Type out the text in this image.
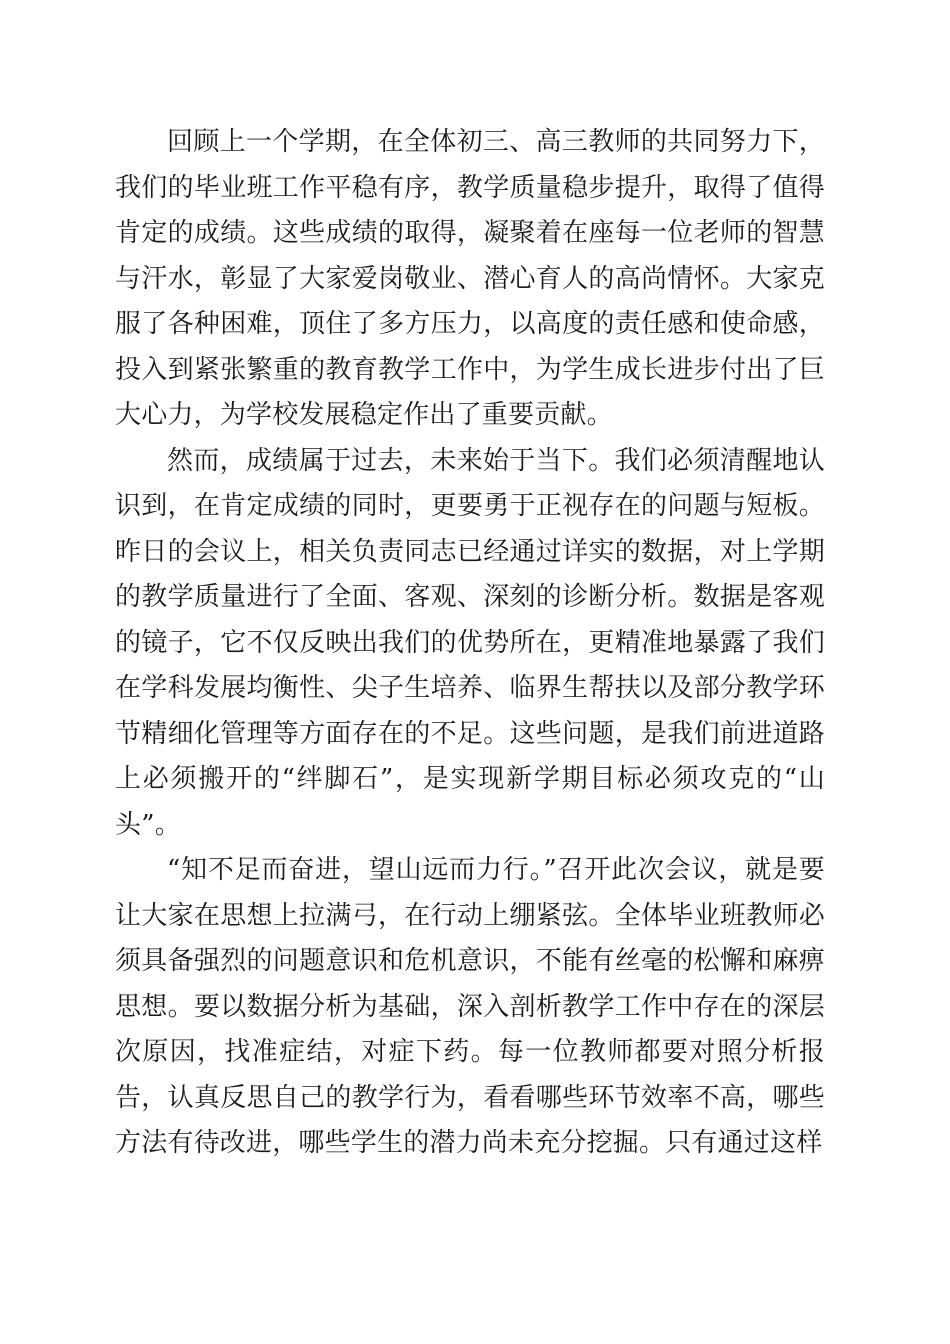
回顾上一个学期，在全体初三、高三教师的共同努力下，我们的毕业班工作平稳有序，教学质量稳步提升，取得了值得肯定的成绩。这些成绩的取得，凝聚着在座每一位老师的智慧与汗水，彰显了大家爱岗敬业、潜心育人的高尚情怀。大家克服了各种困难，顶住了多方压力，以高度的责任感和使命感，投入到紧张繁重的教育教学工作中，为学生成长进步付出了巨大心力，为学校发展稳定作出了重要贡献。

然而，成绩属于过去，未来始于当下。我们必须清醒地认识到，在肯定成绩的同时，更要勇于正视存在的问题与短板。昨日的会议上，相关负责同志已经通过详实的数据，对上学期的教学质量进行了全面、客观、深刻的诊断分析。数据是客观的镜子，它不仅反映出我们的优势所在，更精准地暴露了我们在学科发展均衡性、尖子生培养、临界生帮扶以及部分教学环节精细化管理等方面存在的不足。这些问题，是我们前进道路上必须搬开的“绊脚石”，是实现新学期目标必须攻克的“山头”。

“知不足而奋进，望山远而力行。”召开此次会议，就是要让大家在思想上拉满弓，在行动上绷紧弦。全体毕业班教师必须具备强烈的问题意识和危机意识，不能有丝毫的松懈和麻痹思想。要以数据分析为基础，深入剖析教学工作中存在的深层次原因，找准症结，对症下药。每一位教师都要对照分析报告，认真反思自己的教学行为，看看哪些环节效率不高，哪些方法有待改进，哪些学生的潜力尚未充分挖掘。只有通过这样
